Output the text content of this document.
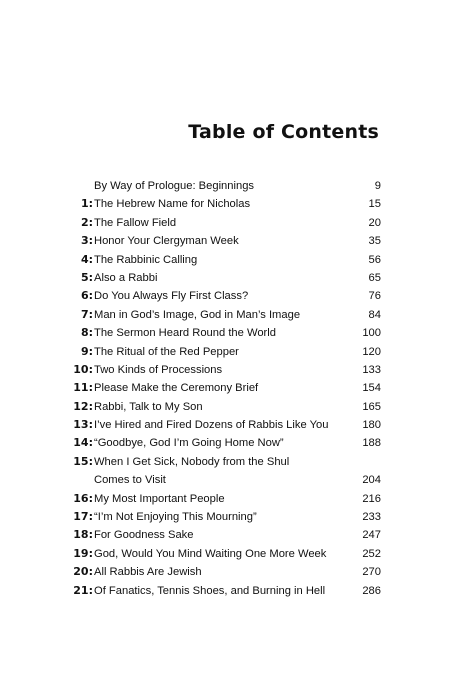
Table of Contents
By Way of Prologue: Beginnings	9
1: The Hebrew Name for Nicholas	15
2: The Fallow Field	20
3: Honor Your Clergyman Week	35
4: The Rabbinic Calling	56
5: Also a Rabbi	65
6: Do You Always Fly First Class?	76
7: Man in God’s Image, God in Man’s Image	84
8: The Sermon Heard Round the World	100
9: The Ritual of the Red Pepper	120
10: Two Kinds of Processions	133
11: Please Make the Ceremony Brief	154
12: Rabbi, Talk to My Son	165
13: I’ve Hired and Fired Dozens of Rabbis Like You	180
14: “Goodbye, God I’m Going Home Now”	188
15: When I Get Sick, Nobody from the Shul
Comes to Visit	204
16: My Most Important People	216
17: “I’m Not Enjoying This Mourning”	233
18: For Goodness Sake	247
19: God, Would You Mind Waiting One More Week	252
20: All Rabbis Are Jewish	270
21: Of Fanatics, Tennis Shoes, and Burning in Hell	286
